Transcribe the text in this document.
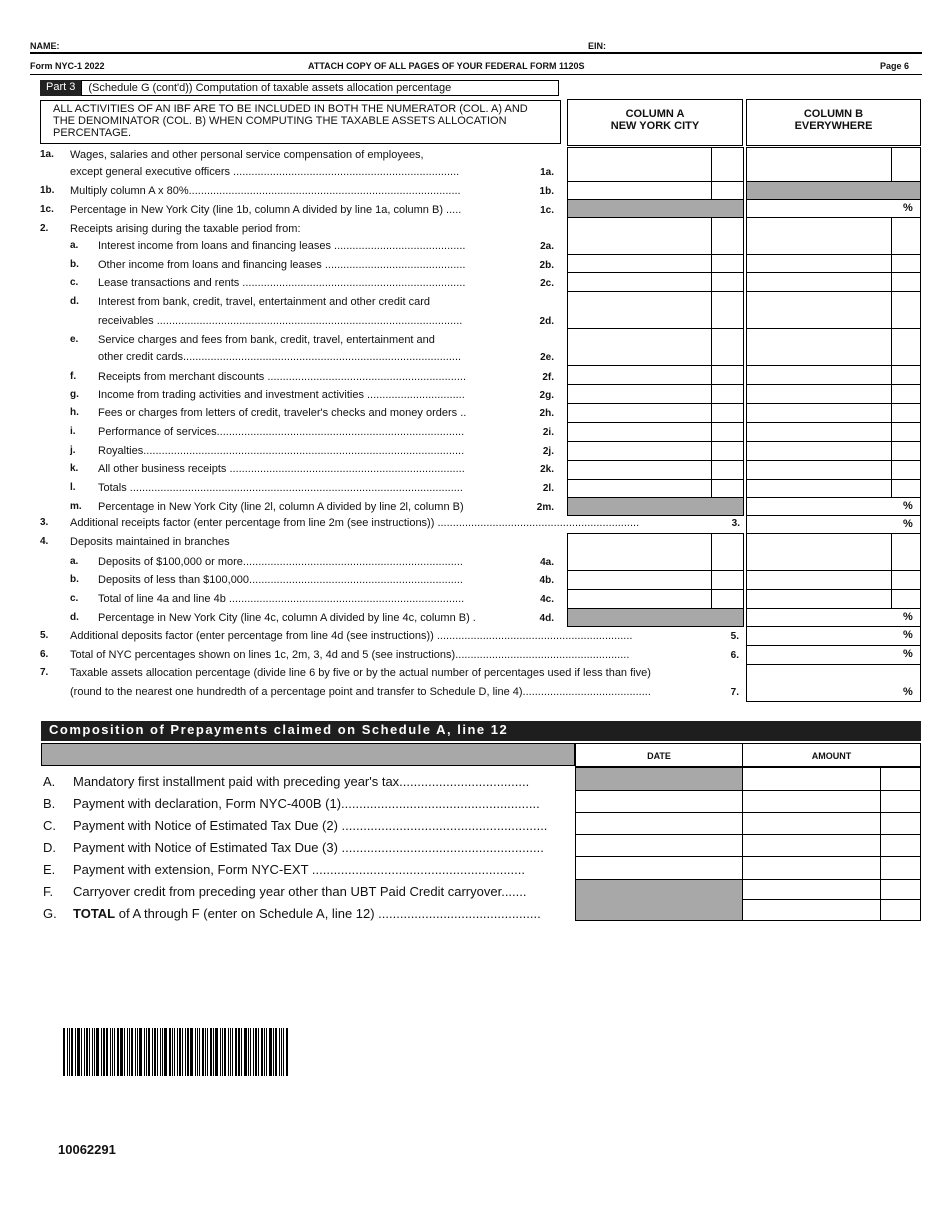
NAME:	EIN:
Form NYC-1 2022	ATTACH COPY OF ALL PAGES OF YOUR FEDERAL FORM 1120S	Page 6
Part 3	(Schedule G (cont'd)) Computation of taxable assets allocation percentage
ALL ACTIVITIES OF AN IBF ARE TO BE INCLUDED IN BOTH THE NUMERATOR (COL. A) AND THE DENOMINATOR (COL. B) WHEN COMPUTING THE TAXABLE ASSETS ALLOCATION PERCENTAGE.
COLUMN A
NEW YORK CITY
COLUMN B
EVERYWHERE
1a. Wages, salaries and other personal service compensation of employees,
except general executive officers ..........................................................................	1a.
1b. Multiply column A x 80%.........................................................................................	1b.
1c. Percentage in New York City (line 1b, column A divided by line 1a, column B) .....	1c.	%
2. Receipts arising during the taxable period from:
a. Interest income from loans and financing leases ...........................................	2a.
b. Other income from loans and financing leases ..............................................	2b.
c. Lease transactions and rents .........................................................................	2c.
d. Interest from bank, credit, travel, entertainment and other credit card
receivables ....................................................................................................	2d.
e. Service charges and fees from bank, credit, travel, entertainment and
other credit cards...........................................................................................	2e.
f. Receipts from merchant discounts .................................................................	2f.
g. Income from trading activities and investment activities ................................	2g.
h. Fees or charges from letters of credit, traveler's checks and money orders ..	2h.
i. Performance of services.................................................................................	2i.
j. Royalties.........................................................................................................	2j.
k. All other business receipts .............................................................................	2k.
l. Totals .............................................................................................................	2l.
m. Percentage in New York City (line 2l, column A divided by line 2l, column B)	2m.	%
3. Additional receipts factor (enter percentage from line 2m (see instructions)) ..................................................................	3.	%
4. Deposits maintained in branches
a. Deposits of $100,000 or more........................................................................	4a.
b. Deposits of less than $100,000......................................................................	4b.
c. Total of line 4a and line 4b .............................................................................	4c.
d. Percentage in New York City (line 4c, column A divided by line 4c, column B) .	4d.	%
5. Additional deposits factor (enter percentage from line 4d (see instructions)) ................................................................	5.	%
6. Total of NYC percentages shown on lines 1c, 2m, 3, 4d and 5 (see instructions).........................................................	6.	%
7. Taxable assets allocation percentage (divide line 6 by five or by the actual number of percentages used if less than five)
(round to the nearest one hundredth of a percentage point and transfer to Schedule D, line 4)..........................................	7.	%
Composition of Prepayments claimed on Schedule A, line 12
DATE	AMOUNT
A. Mandatory first installment paid with preceding year's tax....................................
B. Payment with declaration, Form NYC-400B (1).......................................................
C. Payment with Notice of Estimated Tax Due (2) .........................................................
D. Payment with Notice of Estimated Tax Due (3) ........................................................
E. Payment with extension, Form NYC-EXT ...........................................................
F. Carryover credit from preceding year other than UBT Paid Credit carryover.......
G. TOTAL of A through F (enter on Schedule A, line 12) .............................................
10062291
